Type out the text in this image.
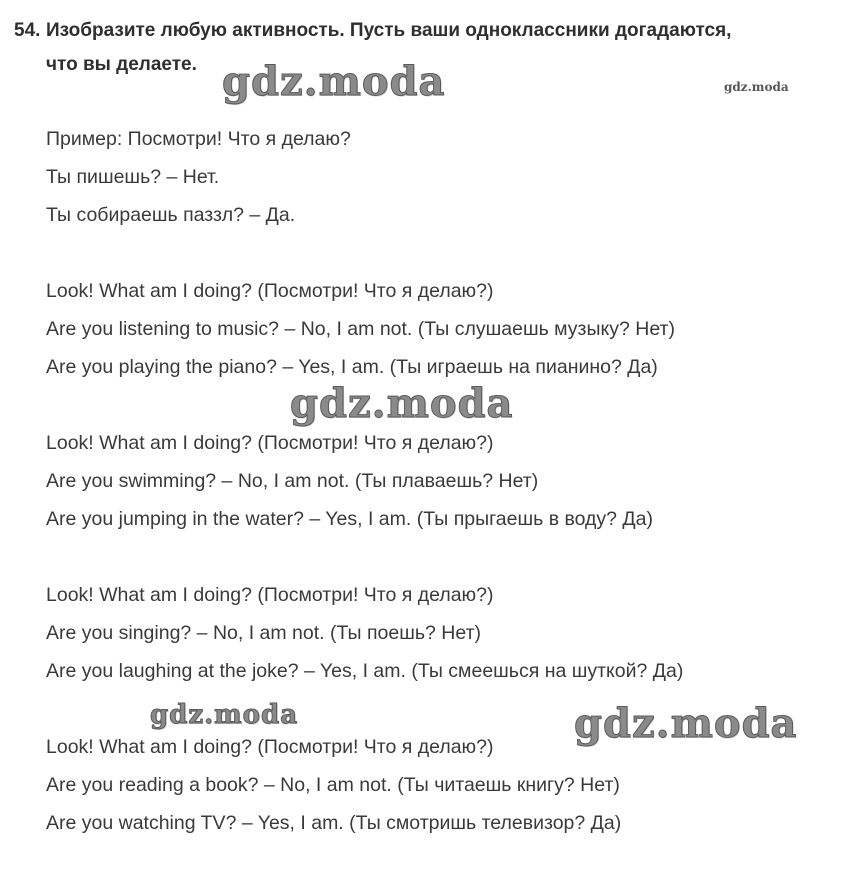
54. Изобразите любую активность. Пусть ваши одноклассники догадаются,
что вы делаете. gdz.moda	gdz.moda
Пример: Посмотри! Что я делаю?
Ты пишешь? – Нет.
Ты собираешь паззл? – Да.
Look! What am I doing? (Посмотри! Что я делаю?)
Are you listening to music? – No, I am not. (Ты слушаешь музыку? Нет)
Are you playing the piano? – Yes, I am. (Ты играешь на пианино? Да)
gdz.moda
Look! What am I doing? (Посмотри! Что я делаю?)
Are you swimming? – No, I am not. (Ты плаваешь? Нет)
Are you jumping in the water? – Yes, I am. (Ты прыгаешь в воду? Да)
Look! What am I doing? (Посмотри! Что я делаю?)
Are you singing? – No, I am not. (Ты поешь? Нет)
Are you laughing at the joke? – Yes, I am. (Ты смеешься на шуткой? Да)
gdz.moda	gdz.moda
Look! What am I doing? (Посмотри! Что я делаю?)
Are you reading a book? – No, I am not. (Ты читаешь книгу? Нет)
Are you watching TV? – Yes, I am. (Ты смотришь телевизор? Да)
